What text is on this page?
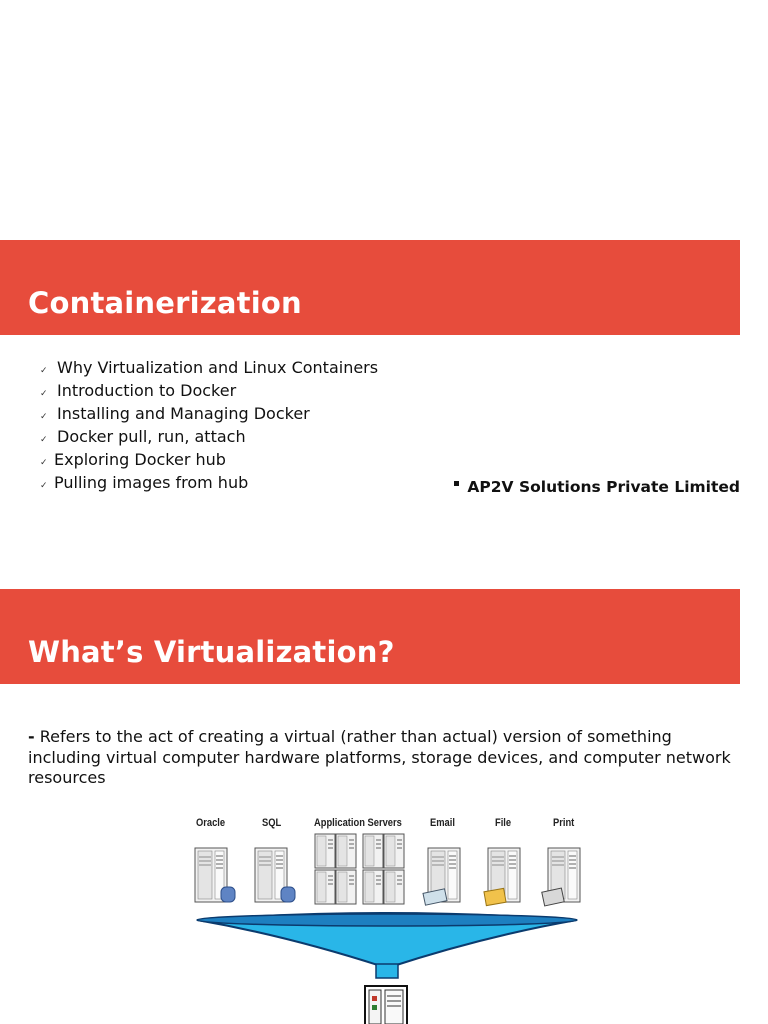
Containerization
✓ Why Virtualization and Linux Containers
✓ Introduction to Docker
✓ Installing and Managing Docker
✓ Docker pull, run, attach
✓ Exploring Docker hub
✓ Pulling images from hub	AP2V Solutions Private Limited
What’s Virtualization?

- Refers to the act of creating a virtual (rather than actual) version of something including virtual computer hardware platforms, storage devices, and computer network resources

Oracle	SQL	Application Servers	Email	File	Print
